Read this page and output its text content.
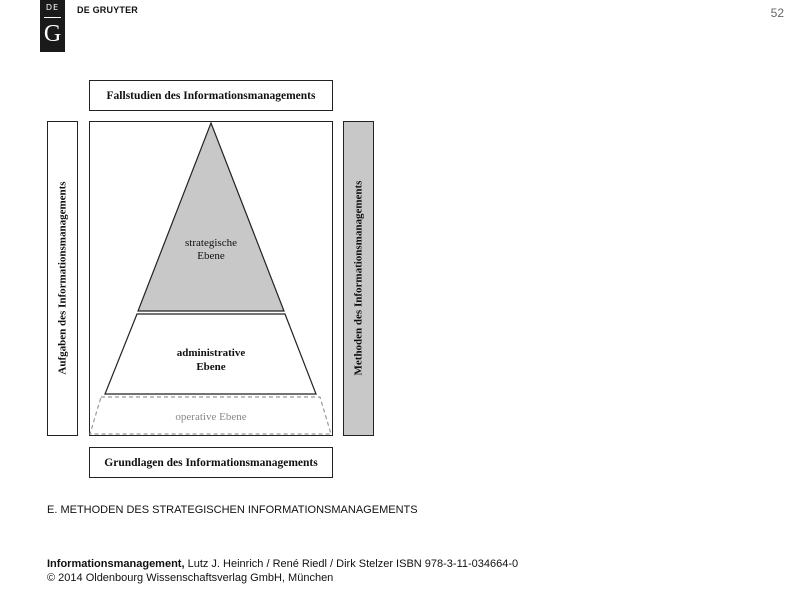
DE
G
DE GRUYTER	52
Fallstudien des Informationsmanagements
Aufgaben des Informationsmanagements	Methoden des Informationsmanagements
strategische
Ebene
administrative
Ebene
operative Ebene
Grundlagen des Informationsmanagements
E. METHODEN DES STRATEGISCHEN INFORMATIONSMANAGEMENTS
Informationsmanagement, Lutz J. Heinrich / René Riedl / Dirk Stelzer ISBN 978-3-11-034664-0
© 2014 Oldenbourg Wissenschaftsverlag GmbH, München
